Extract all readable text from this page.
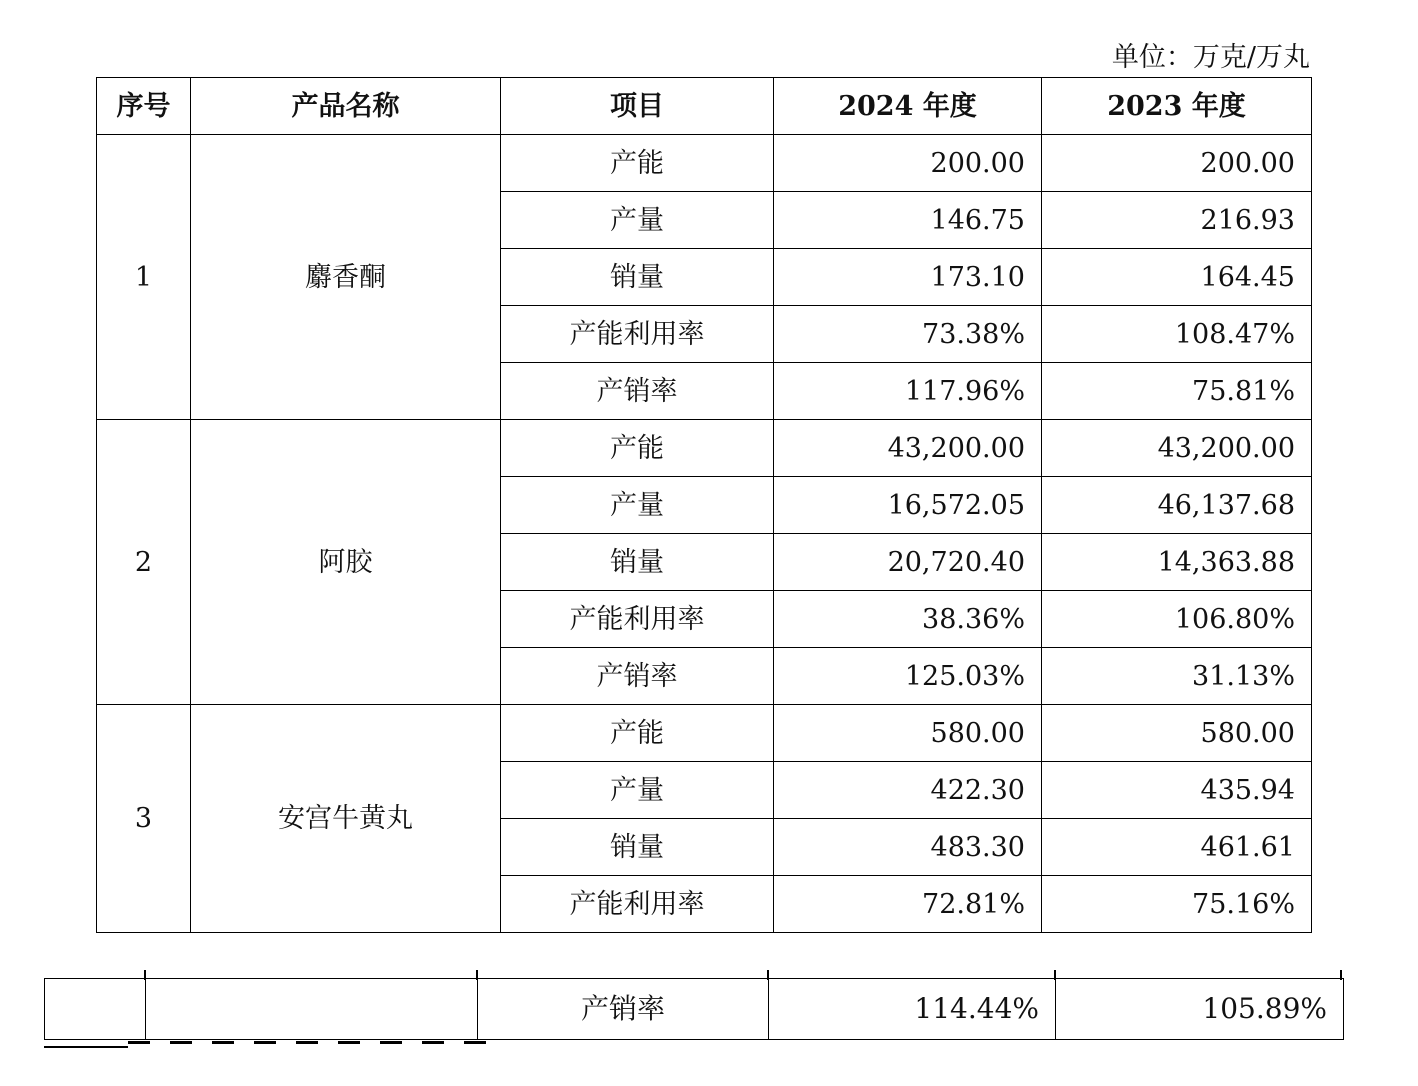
单位：万克/万丸
序号	产品名称	项目	2024 年度	2023 年度
1	麝香酮	产能	200.00	200.00
		产量	146.75	216.93
		销量	173.10	164.45
		产能利用率	73.38%	108.47%
		产销率	117.96%	75.81%
2	阿胶	产能	43,200.00	43,200.00
		产量	16,572.05	46,137.68
		销量	20,720.40	14,363.88
		产能利用率	38.36%	106.80%
		产销率	125.03%	31.13%
3	安宫牛黄丸	产能	580.00	580.00
		产量	422.30	435.94
		销量	483.30	461.61
		产能利用率	72.81%	75.16%
		产销率	114.44%	105.89%
